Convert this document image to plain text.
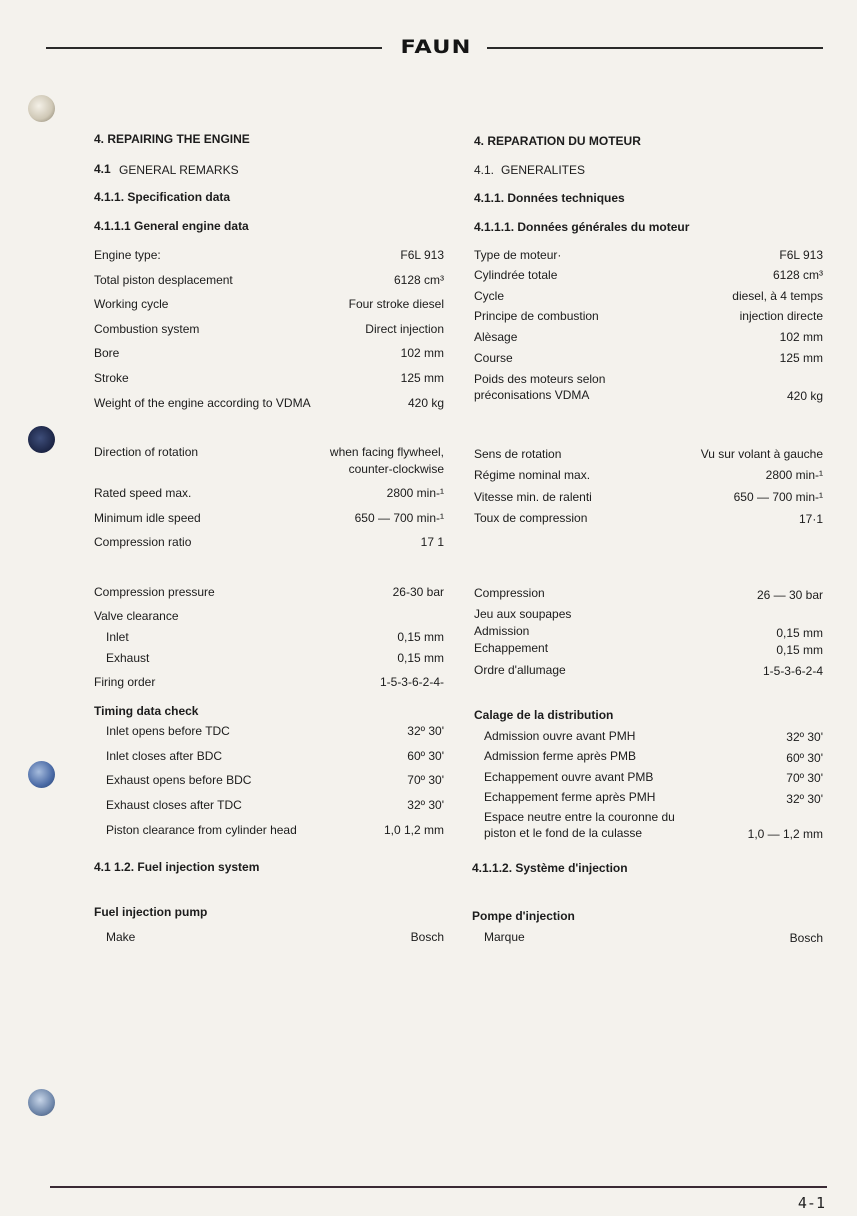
FAUN
4. REPAIRING THE ENGINE
4.1 GENERAL REMARKS
4.1.1. Specification data
4.1.1.1 General engine data
Engine type:	F6L 913
Total piston desplacement	6128 cm³
Working cycle	Four stroke diesel
Combustion system	Direct injection
Bore	102 mm
Stroke	125 mm
Weight of the engine according to VDMA	420 kg
Direction of rotation	when facing flywheel,
counter-clockwise
Rated speed max.	2800 min-¹
Minimum idle speed	650 — 700 min-¹
Compression ratio	17 1
Compression pressure	26-30 bar
Valve clearance
Inlet	0,15 mm
Exhaust	0,15 mm
Firing order	1-5-3-6-2-4-
Timing data check
Inlet opens before TDC	32º 30'
Inlet closes after BDC	60º 30'
Exhaust opens before BDC	70º 30'
Exhaust closes after TDC	32º 30'
Piston clearance from cylinder head	1,0 1,2 mm
4.1 1.2. Fuel injection system
Fuel injection pump
Make	Bosch
4. REPARATION DU MOTEUR
4.1. GENERALITES
4.1.1. Données techniques
4.1.1.1. Données générales du moteur
Type de moteur·	F6L 913
Cylindrée totale	6128 cm³
Cycle	diesel, à 4 temps
Principe de combustion	injection directe
Alèsage	102 mm
Course	125 mm
Poids des moteurs selon
préconisations VDMA	420 kg
Sens de rotation	Vu sur volant à gauche
Régime nominal max.	2800 min-¹
Vitesse min. de ralenti	650 — 700 min-¹
Toux de compression	17·1
Compression	26 — 30 bar
Jeu aux soupapes
Admission	0,15 mm
Echappement	0,15 mm
Ordre d'allumage	1-5-3-6-2-4
Calage de la distribution
Admission ouvre avant PMH	32º 30'
Admission ferme après PMB	60º 30'
Echappement ouvre avant PMB	70º 30'
Echappement ferme après PMH	32º 30'
Espace neutre entre la couronne du
piston et le fond de la culasse	1,0 — 1,2 mm
4.1.1.2. Système d'injection
Pompe d'injection
Marque	Bosch
4-1
